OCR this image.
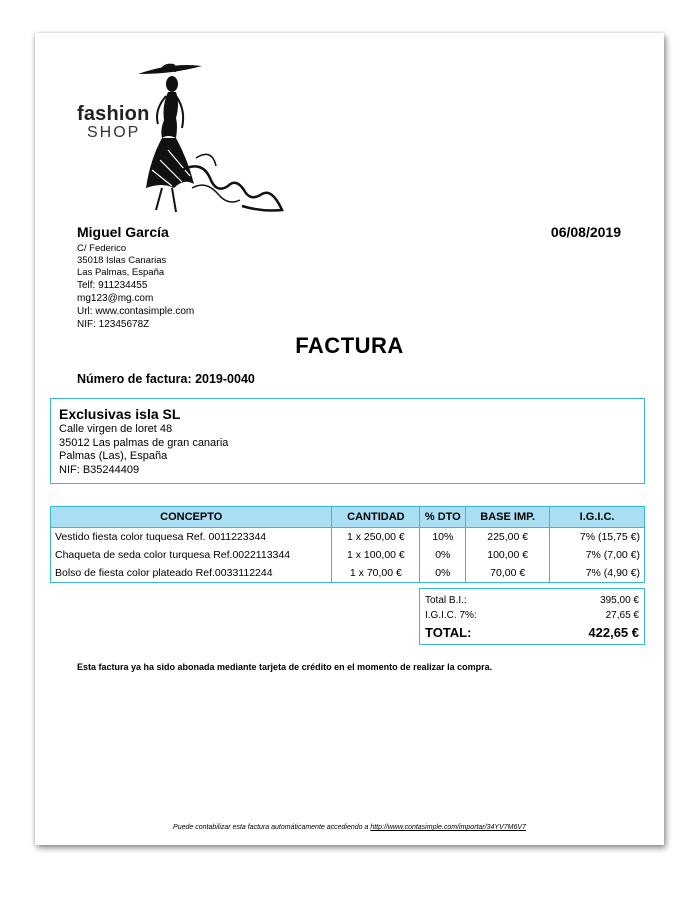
fashion
SHOP
Miguel García	06/08/2019
C/ Federico
35018 Islas Canarias
Las Palmas, España
Telf: 911234455
mg123@mg.com
Url: www.contasimple.com
NIF: 12345678Z
FACTURA
Número de factura: 2019-0040
Exclusivas isla SL
Calle virgen de loret 48
35012 Las palmas de gran canaria
Palmas (Las), España
NIF: B35244409
CONCEPTO	CANTIDAD	% DTO	BASE IMP.	I.G.I.C.
Vestido fiesta color tuquesa Ref. 0011223344	1 x 250,00 €	10%	225,00 €	7% (15,75 €)
Chaqueta de seda color turquesa Ref.0022113344	1 x 100,00 €	0%	100,00 €	7% (7,00 €)
Bolso de fiesta color plateado Ref.0033112244	1 x 70,00 €	0%	70,00 €	7% (4,90 €)
Total B.I.:	395,00 €
I.G.I.C. 7%:	27,65 €
TOTAL:	422,65 €
Esta factura ya ha sido abonada mediante tarjeta de crédito en el momento de realizar la compra.
Puede contabilizar esta factura automáticamente accediendo a http://www.contasimple.com/importar/34YV7M6V7
